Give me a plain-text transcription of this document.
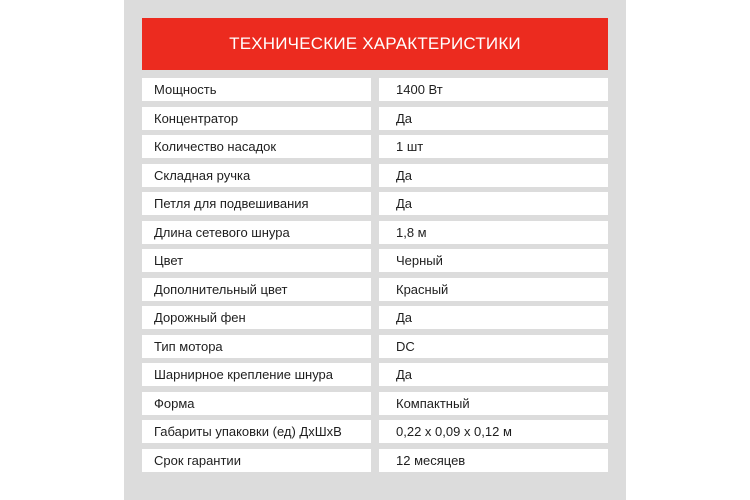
ТЕХНИЧЕСКИЕ ХАРАКТЕРИСТИКИ
Мощность	1400 Вт
Концентратор	Да
Количество насадок	1 шт
Складная ручка	Да
Петля для подвешивания	Да
Длина сетевого шнура	1,8 м
Цвет	Черный
Дополнительный цвет	Красный
Дорожный фен	Да
Тип мотора	DC
Шарнирное крепление шнура	Да
Форма	Компактный
Габариты упаковки (ед) ДхШхВ	0,22 x 0,09 x 0,12 м
Срок гарантии	12 месяцев
